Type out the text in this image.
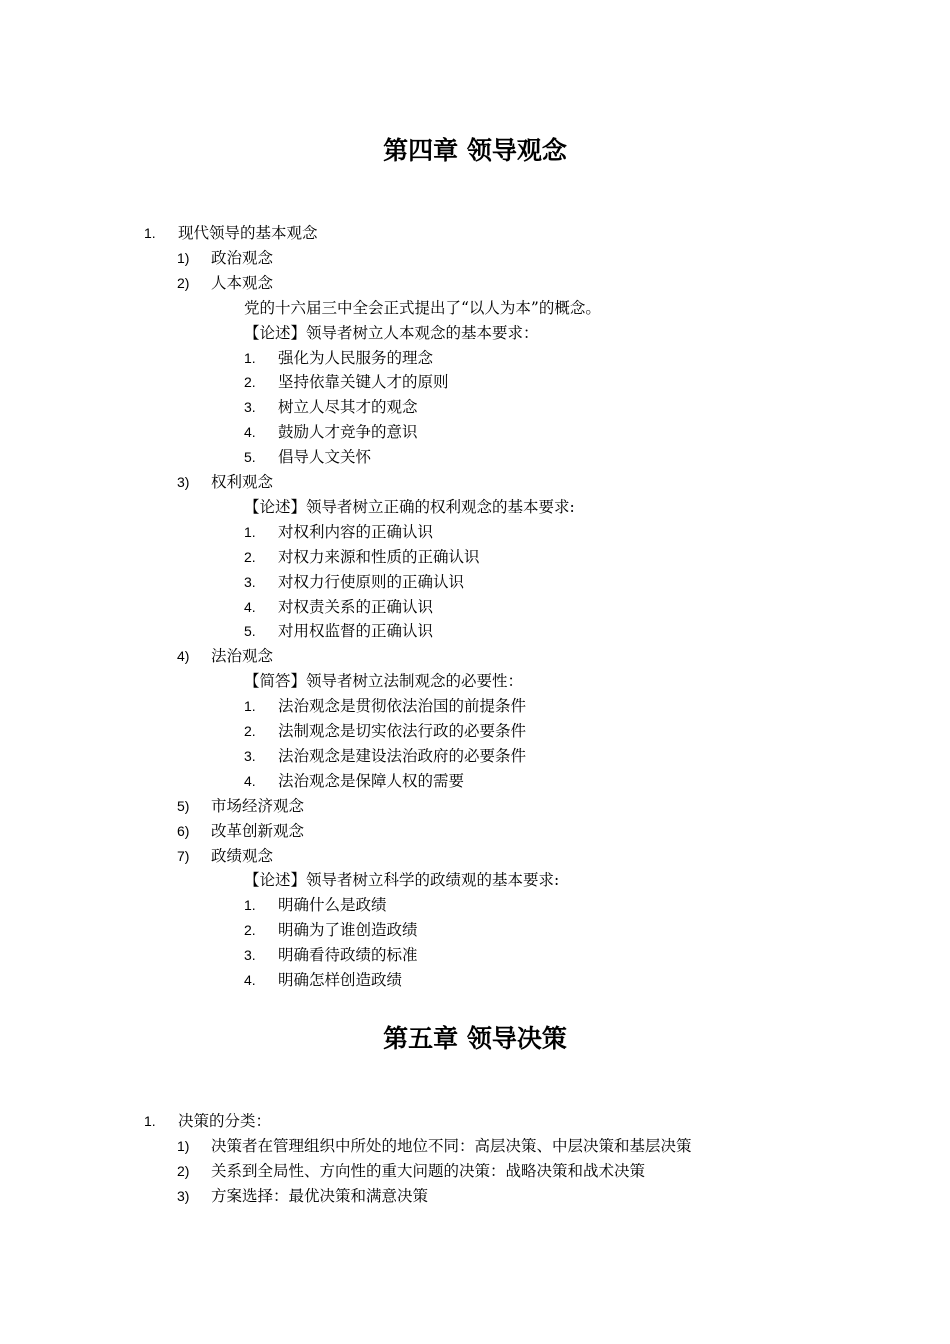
第四章 领导观念
1. 现代领导的基本观念
1) 政治观念
2) 人本观念
党的十六届三中全会正式提出了“以人为本”的概念。
【论述】领导者树立人本观念的基本要求：
1. 强化为人民服务的理念
2. 坚持依靠关键人才的原则
3. 树立人尽其才的观念
4. 鼓励人才竞争的意识
5. 倡导人文关怀
3) 权利观念
【论述】领导者树立正确的权利观念的基本要求:
1. 对权利内容的正确认识
2. 对权力来源和性质的正确认识
3. 对权力行使原则的正确认识
4. 对权责关系的正确认识
5. 对用权监督的正确认识
4) 法治观念
【简答】领导者树立法制观念的必要性：
1. 法治观念是贯彻依法治国的前提条件
2. 法制观念是切实依法行政的必要条件
3. 法治观念是建设法治政府的必要条件
4. 法治观念是保障人权的需要
5) 市场经济观念
6) 改革创新观念
7) 政绩观念
【论述】领导者树立科学的政绩观的基本要求:
1. 明确什么是政绩
2. 明确为了谁创造政绩
3. 明确看待政绩的标准
4. 明确怎样创造政绩
第五章 领导决策
1. 决策的分类：
1) 决策者在管理组织中所处的地位不同：高层决策、中层决策和基层决策
2) 关系到全局性、方向性的重大问题的决策：战略决策和战术决策
3) 方案选择：最优决策和满意决策
